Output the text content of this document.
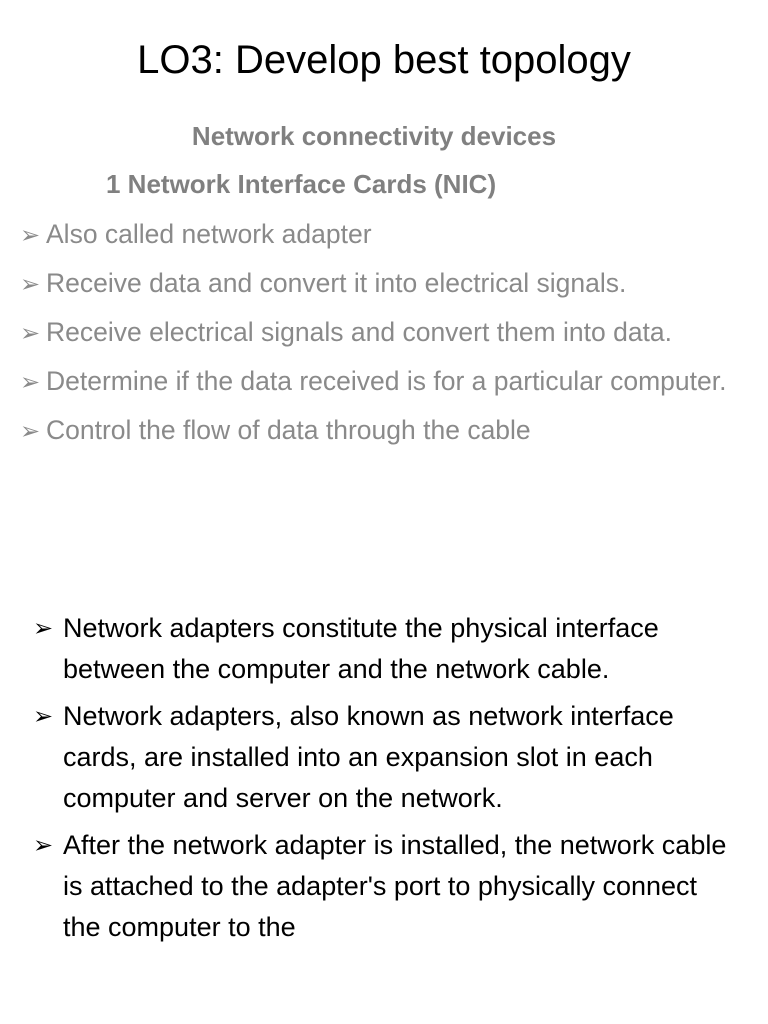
LO3: Develop best topology
Network connectivity devices
1 Network Interface Cards (NIC)
➢ Also called network adapter
➢ Receive data and convert it into electrical signals.
➢ Receive electrical signals and convert them into data.
➢ Determine if the data received is for a particular computer.
➢ Control the flow of data through the cable
➢ Network adapters constitute the physical interface between the computer and the network cable.
➢ Network adapters, also known as network interface cards, are installed into an expansion slot in each computer and server on the network.
➢ After the network adapter is installed, the network cable is attached to the adapter's port to physically connect the computer to the
